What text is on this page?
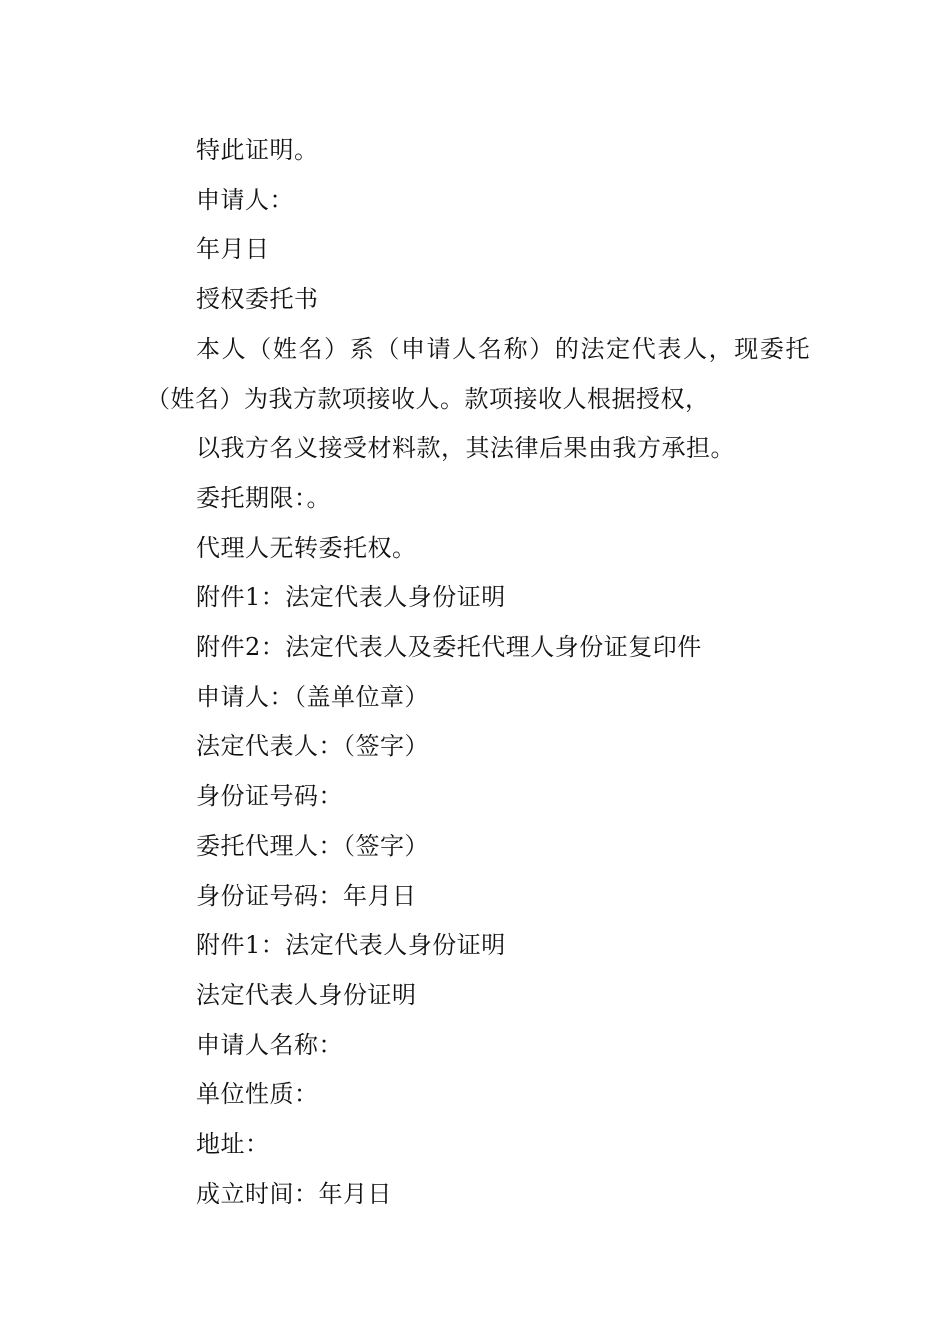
特此证明。

申请人：

年月日

授权委托书

本人（姓名）系（申请人名称）的法定代表人，现委托（姓名）为我方款项接收人。款项接收人根据授权，

以我方名义接受材料款，其法律后果由我方承担。

委托期限：。

代理人无转委托权。

附件1：法定代表人身份证明

附件2：法定代表人及委托代理人身份证复印件

申请人：（盖单位章）

法定代表人：（签字）

身份证号码：

委托代理人：（签字）

身份证号码：年月日

附件1：法定代表人身份证明

法定代表人身份证明

申请人名称：

单位性质：

地址：

成立时间：年月日
